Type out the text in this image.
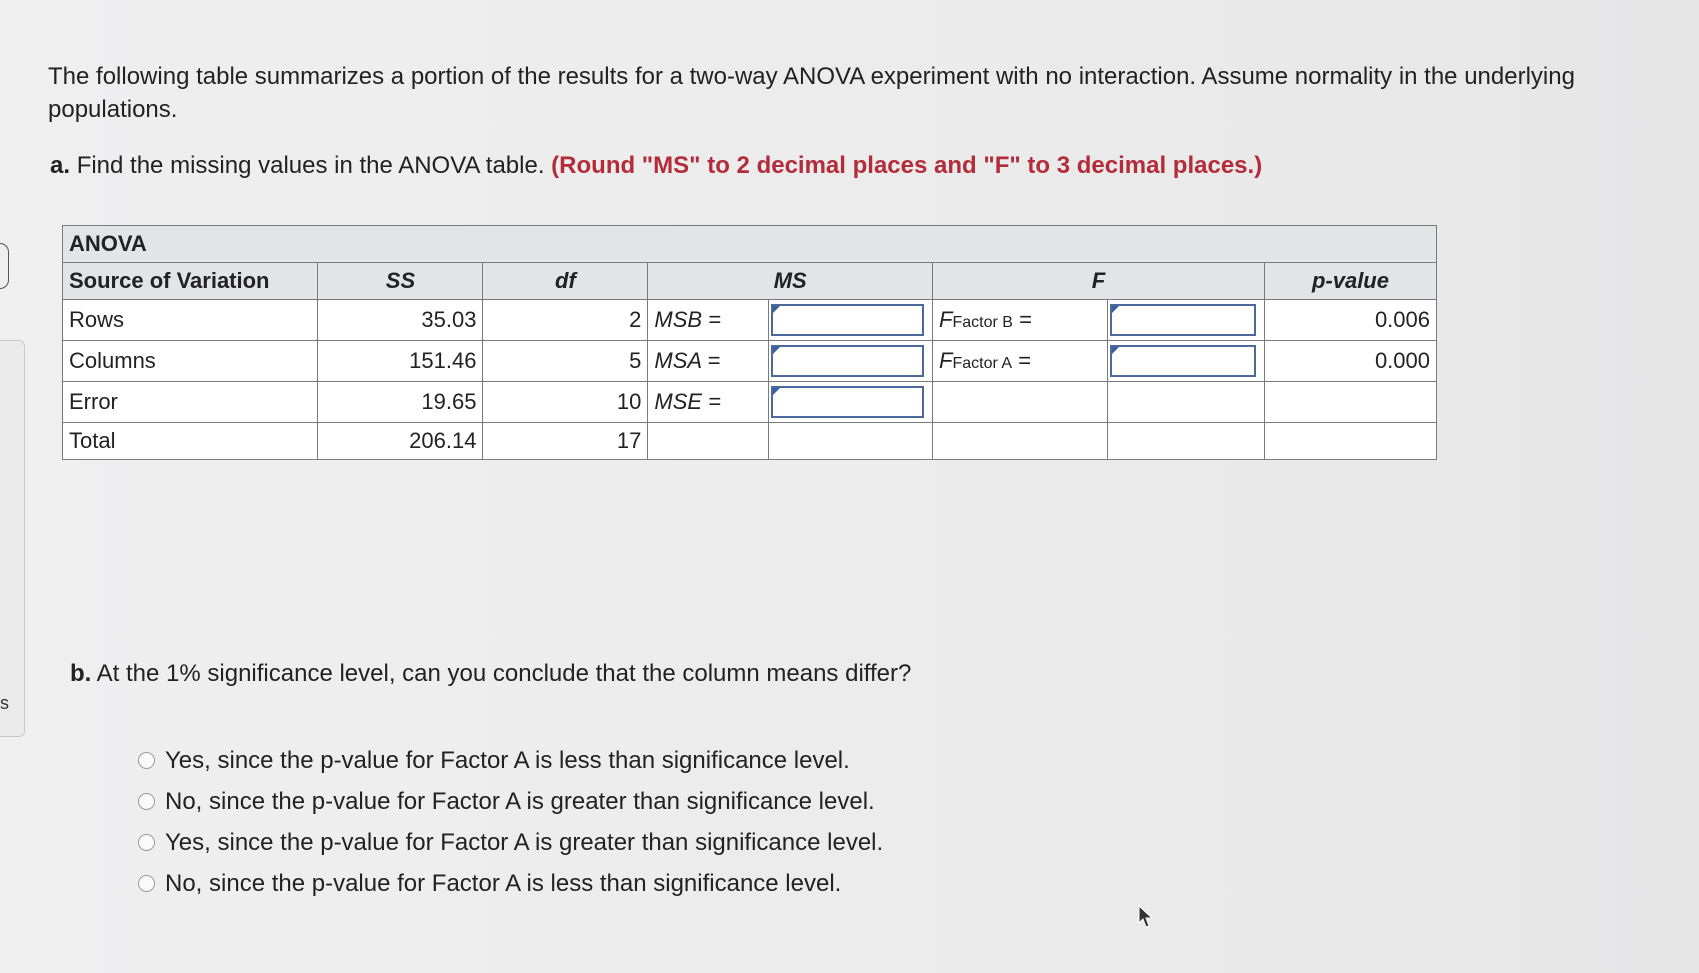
s
The following table summarizes a portion of the results for a two-way ANOVA experiment with no interaction. Assume normality in the underlying populations.
a. Find the missing values in the ANOVA table. (Round "MS" to 2 decimal places and "F" to 3 decimal places.)
ANOVA							
Source of Variation	SS	df	MS		F		p-value
Rows	35.03	2	MSB =		FFactor B =		0.006
Columns	151.46	5	MSA =		FFactor A =		0.000
Error	19.65	10	MSE =	

Total	206.14	17					
b. At the 1% significance level, can you conclude that the column means differ?
Yes, since the p-value for Factor A is less than significance level.
No, since the p-value for Factor A is greater than significance level.
Yes, since the p-value for Factor A is greater than significance level.
No, since the p-value for Factor A is less than significance level.
